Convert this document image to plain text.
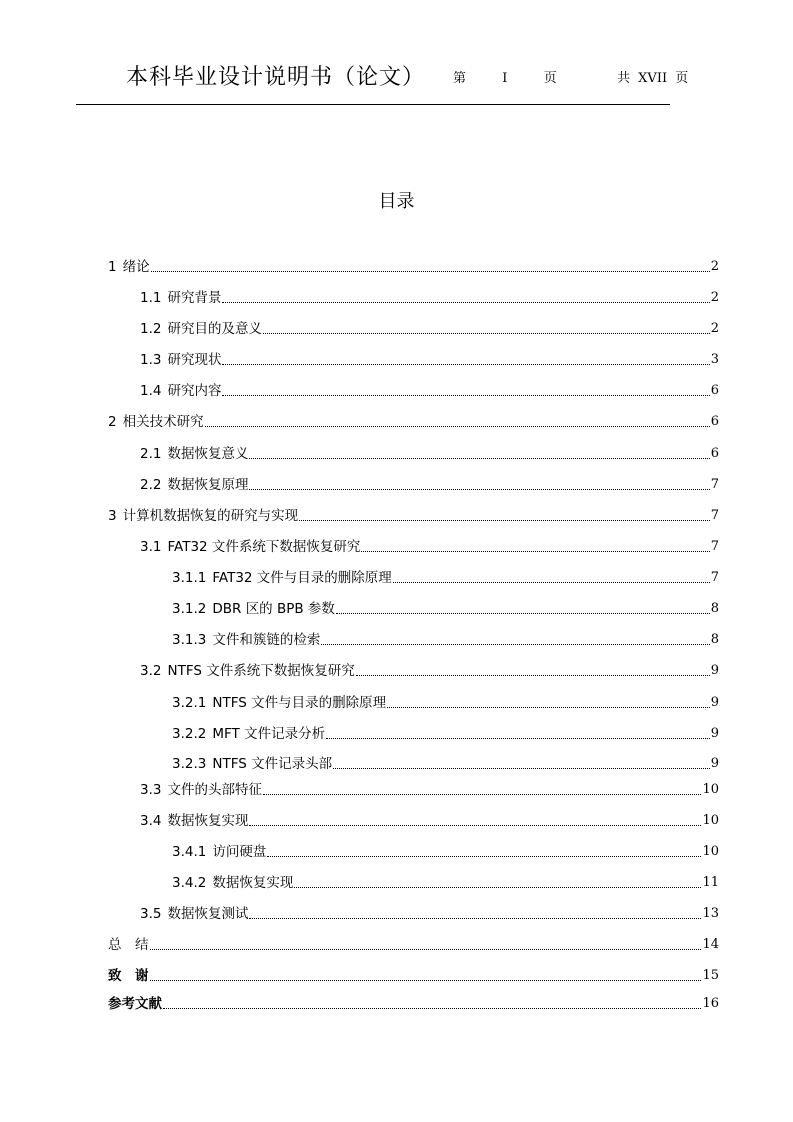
本科毕业设计说明书（论文） 第	I	页	共 XVII 页
目录
1 绪论	2
1.1 研究背景	2
1.2 研究目的及意义	2
1.3 研究现状	3
1.4 研究内容	6
2 相关技术研究	6
2.1 数据恢复意义	6
2.2 数据恢复原理	7
3 计算机数据恢复的研究与实现	7
3.1 FAT32 文件系统下数据恢复研究	7
3.1.1 FAT32 文件与目录的删除原理	7
3.1.2 DBR 区的 BPB 参数	8
3.1.3 文件和簇链的检索	8
3.2 NTFS 文件系统下数据恢复研究	9
3.2.1 NTFS 文件与目录的删除原理	9
3.2.2 MFT 文件记录分析	9
3.2.3 NTFS 文件记录头部	9
3.3 文件的头部特征	10
3.4 数据恢复实现	10
3.4.1 访问硬盘	10
3.4.2 数据恢复实现	11
3.5 数据恢复测试	13
总　结	14
致　谢	15
参考文献	16
